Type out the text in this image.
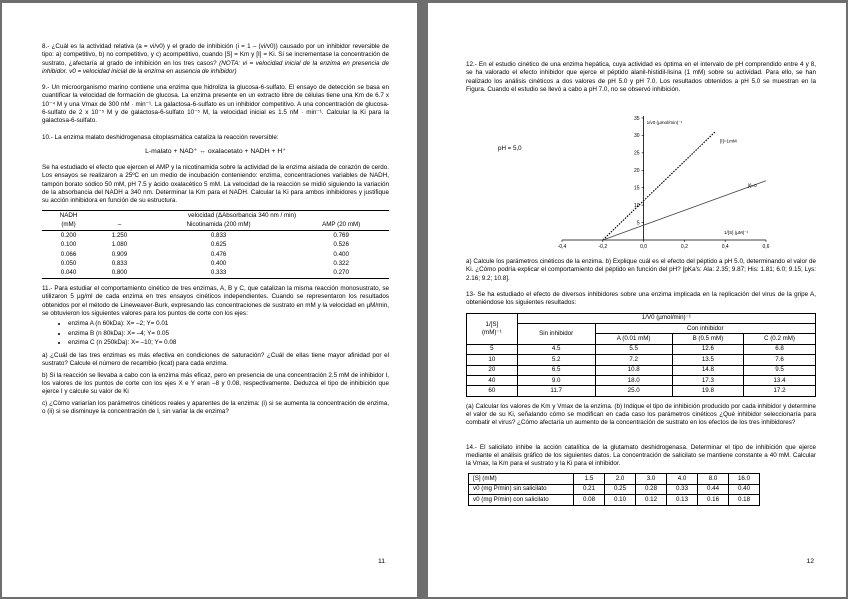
8.- ¿Cuál es la actividad relativa (a = vi/v0) y el grado de inhibición (i = 1 – (vi/v0)) causado por un inhibidor reversible de tipo: a) competitivo, b) no competitivo, y c) acompetitivo, cuando [S] = Km y [I] = Ki. Si se incrementase la concentración de sustrato, ¿afectaría al grado de inhibición en los tres casos? (NOTA: vi = velocidad inicial de la enzima en presencia de inhibidor. v0 = velocidad inicial de la enzima en ausencia de inhibidor)

9.- Un microorganismo marino contiene una enzima que hidroliza la glucosa-6-sulfato. El ensayo de detección se basa en cuantificar la velocidad de formación de glucosa. La enzima presente en un extracto libre de células tiene una Km de 6.7 x 10⁻⁴ M y una Vmax de 300 nM · min⁻¹. La galactosa-6-sulfato es un inhibidor competitivo. A una concentración de glucosa-6-sulfato de 2 x 10⁻⁵ M y de galactosa-6-sulfato 10⁻⁵ M, la velocidad inicial es 1.5 nM · min⁻¹. Calcular la Ki para la galactosa-6-sulfato.

10.- La enzima malato deshidrogenasa citoplasmática cataliza la reacción reversible:

L-malato + NAD⁺ ↔ oxalacetato + NADH + H⁺

Se ha estudiado el efecto que ejercen el AMP y la nicotinamida sobre la actividad de la enzima aislada de corazón de cerdo. Los ensayos se realizaron a 25ºC en un medio de incubación conteniendo: enzima, concentraciones variables de NADH, tampón borato sódico 50 mM, pH 7.5 y ácido oxalacético 5 mM. La velocidad de la reacción se midió siguiendo la variación de la absorbancia del NADH a 340 nm. Determinar la Km para el NADH. Calcular la Ki para ambos inhibidores y justifique su acción inhibidora en función de su estructura.

NADH	velocidad (ΔAbsorbancia 340 nm / min)		
(mM)	–	Nicotinamida (200 mM)	AMP (20 mM)
0.200	1.250	0.833	0.769
0.100	1.080	0.625	0.526
0.066	0.909	0.476	0.400
0.050	0.833	0.400	0.322
0.040	0.800	0.333	0.270

11.- Para estudiar el comportamiento cinético de tres enzimas, A, B y C, que catalizan la misma reacción monosustrato, se utilizaron 5 µg/ml de cada enzima en tres ensayos cinéticos independientes. Cuando se representaron los resultados obtenidos por el método de Lineweaver-Burk, expresando las concentraciones de sustrato en mM y la velocidad en µM/min, se obtuvieron los siguientes valores para los puntos de corte con los ejes:

• enzima A (n 60kDa): X= –2; Y= 0.01
• enzima B (n 80kDa): X= –4; Y= 0.05
• enzima C (n 250kDa): X= –10; Y= 0.08

a) ¿Cuál de las tres enzimas es más efectiva en condiciones de saturación? ¿Cuál de ellas tiene mayor afinidad por el sustrato? Calcule el número de recambio (kcat) para cada enzima.

b) Si la reacción se llevaba a cabo con la enzima más eficaz, pero en presencia de una concentración 2.5 mM de inhibidor I, los valores de los puntos de corte con los ejes X e Y eran –8 y 0.08, respectivamente. Deduzca el tipo de inhibición que ejerce I y calcule su valor de Ki

c) ¿Cómo variarían los parámetros cinéticos reales y aparentes de la enzima: (i) si se aumenta la concentración de enzima, o (ii) si se disminuye la concentración de I, sin variar la de enzima?

11

12.- En el estudio cinético de una enzima hepática, cuya actividad es óptima en el intervalo de pH comprendido entre 4 y 8, se ha valorado el efecto inhibidor que ejerce el péptido alanil-histidil-lisina (1 mM) sobre su actividad. Para ello, se han realizado los análisis cinéticos a dos valores de pH 5.0 y pH 7.0. Los resultados obtenidos a pH 5.0 se muestran en la Figura. Cuando el estudio se llevó a cabo a pH 7.0, no se observó inhibición.

5
10
15
20
25
30
35
-0,4	-0,2	0,0	0,2	0,4	0,6
pH = 5,0
1/v0 (µmol/min)⁻¹
1/[S] (µM)⁻¹
[I]=1mM
[I]=0

a) Calcule los parámetros cinéticos de la enzima. b) Explique cuál es el efecto del péptido a pH 5.0, determinando el valor de Ki. ¿Cómo podría explicar el comportamiento del péptido en función del pH? [pKa's: Ala: 2.35; 9.87; His: 1.81; 6.0; 9.15; Lys: 2.16; 9.2; 10.8].

13- Se ha estudiado el efecto de diversos inhibidores sobre una enzima implicada en la replicación del virus de la gripe A, obteniéndose los siguientes resultados:

1/[S]
(mM)⁻¹	1/V0 (µmol/min)⁻¹			
	Sin inhibidor	Con inhibidor		
		A (0.01 mM)	B (0.5 mM)	C (0.2 mM)
5	4.5	5.5	12.6	6.8
10	5.2	7.2	13.5	7.6
20	6.5	10.8	14.8	9.5
40	9.0	18.0	17.3	13.4
60	11.7	25.0	19.8	17.2

(a) Calcular los valores de Km y Vmax de la enzima. (b) Indique el tipo de inhibición producido por cada inhibidor y determine el valor de su Ki, señalando cómo se modifican en cada caso los parámetros cinéticos ¿Qué inhibidor seleccionaría para combatir el virus? ¿Cómo afectaría un aumento de la concentración de sustrato en los efectos de los tres inhibidores?

14.- El salicilato inhibe la acción catalítica de la glutamato deshidrogenasa. Determinar el tipo de inhibición que ejerce mediante el análisis gráfico de los siguientes datos. La concentración de salicilato se mantiene constante a 40 mM. Calcular la Vmax, la Km para el sustrato y la Ki para el inhibidor.

[S] (mM)	1.5	2.0	3.0	4.0	8.0	16.0
v0 (mg P/min) sin salicilato	0.21	0.25	0.28	0.33	0.44	0.40
v0 (mg P/min) con salicilato	0.08	0.10	0.12	0.13	0.16	0.18
12
